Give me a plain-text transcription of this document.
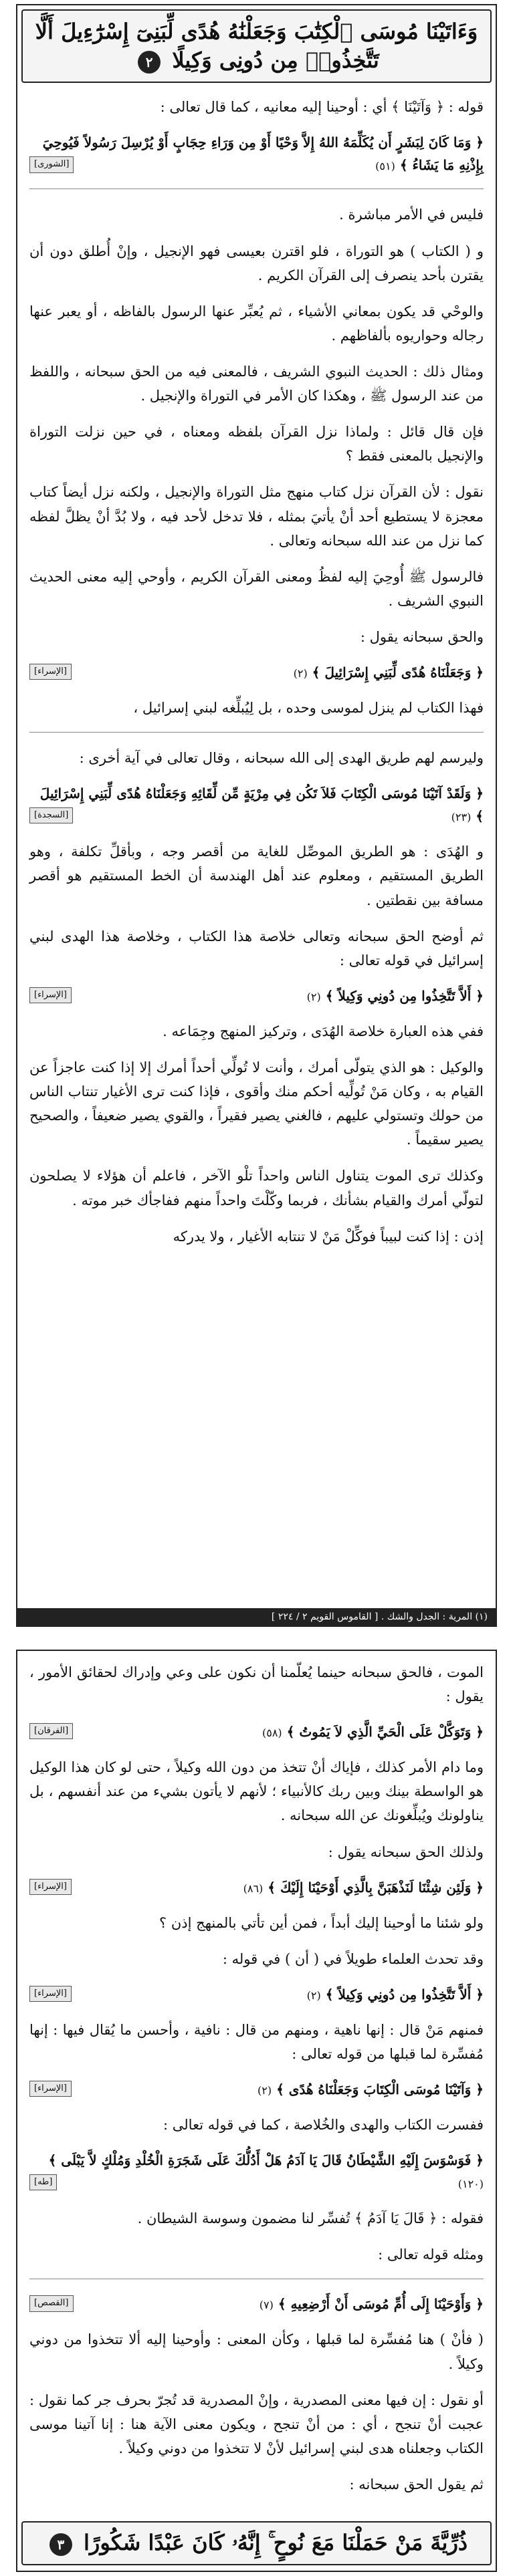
وَءَاتَيْنَا مُوسَى ٱلْكِتَٰبَ وَجَعَلْنَٰهُ هُدًى لِّبَنِىٓ إِسْرَٰٓءِيلَ أَلَّا تَتَّخِذُوا۟ مِن دُونِى وَكِيلًا ٢

قوله : ﴿ وَآتَيْنَا ﴾ أي : أوحينا إليه معانيه ، كما قال تعالى :

﴿ وَمَا كَانَ لِبَشَرٍ أَن يُكَلِّمَهُ اللهُ إِلاَّ وَحْيًا أَوْ مِن وَرَاءِ حِجَابٍ أَوْ يُرْسِلَ رَسُولاً فَيُوحِيَ بِإِذْنِهِ مَا يَشَاءُ ﴾ (٥١)
[الشورى]

فليس في الأمر مباشرة .

و ( الكتاب ) هو التوراة ، فلو اقترن بعيسى فهو الإنجيل ، وإنْ أُطلق دون أن يقترن بأحد ينصرف إلى القرآن الكريم .

والوحْي قد يكون بمعاني الأشياء ، ثم يُعبِّر عنها الرسول بالفاظه ، أو يعبر عنها رجاله وحواريوه بألفاظهم .

ومثال ذلك : الحديث النبوي الشريف ، فالمعنى فيه من الحق سبحانه ، واللفظ من عند الرسول ﷺ ، وهكذا كان الأمر في التوراة والإنجيل .

فإن قال قائل : ولماذا نزل القرآن بلفظه ومعناه ، في حين نزلت التوراة والإنجيل بالمعنى فقط ؟

نقول : لأن القرآن نزل كتاب منهج مثل التوراة والإنجيل ، ولكنه نزل أيضاً كتاب معجزة لا يستطيع أحد أنْ يأتيَ بمثله ، فلا تدخل لأحد فيه ، ولا بُدَّ أنْ يظلَّ لفظه كما نزل من عند الله سبحانه وتعالى .

فالرسول ﷺ أُوحِيَ إليه لفظُ ومعنى القرآن الكريم ، وأوحي إليه معنى الحديث النبوي الشريف .

والحق سبحانه يقول :

﴿ وَجَعَلْنَاهُ هُدًى لِّبَنِي إِسْرَائِيلَ ﴾ (٢)
[الإسراء]

فهذا الكتاب لم ينزل لموسى وحده ، بل لِيُبلِّغه لبني إسرائيل ،

وليرسم لهم طريق الهدى إلى الله سبحانه ، وقال تعالى في آية أخرى :

﴿ وَلَقَدْ آتَيْنَا مُوسَى الْكِتَابَ فَلاَ تَكُن فِي مِرْيَةٍ مِّن لِّقَائِهِ وَجَعَلْنَاهُ هُدًى لِّبَنِي إِسْرَائِيلَ ﴾ (٢٣)
[السجدة]

و الهُدَى : هو الطريق الموصِّل للغاية من أقصر وجه ، وبأقلِّ تكلفة ، وهو الطريق المستقيم ، ومعلوم عند أهل الهندسة أن الخط المستقيم هو أقصر مسافة بين نقطتين .

ثم أوضح الحق سبحانه وتعالى خلاصة هذا الكتاب ، وخلاصة هذا الهدى لبني إسرائيل في قوله تعالى :

﴿ أَلاَّ تَتَّخِذُوا مِن دُونِي وَكِيلاً ﴾ (٢)
[الإسراء]

ففي هذه العبارة خلاصة الهُدَى ، وتركيز المنهج وجِمَاعه .

والوكيل : هو الذي يتولّى أمرك ، وأنت لا تُولِّي أحداً أمرك إلا إذا كنت عاجزاً عن القيام به ، وكان مَنْ تُولِّيه أحكم منك وأقوى ، فإذا كنت ترى الأغيار تنتاب الناس من حولك وتستولي عليهم ، فالغني يصير فقيراً ، والقوي يصير ضعيفاً ، والصحيح يصير سقيماً .

وكذلك ترى الموت يتناول الناس واحداً تلْو الآخر ، فاعلم أن هؤلاء لا يصلحون لتولّي أمرك والقيام بشأنك ، فربما وكّلْتَ واحداً منهم ففاجأك خبر موته .

إذن : إذا كنت لبيباً فوكِّلْ مَنْ لا تنتابه الأغيار ، ولا يدركه

(١) المرية : الجدل والشك . [ القاموس القويم ٢ / ٢٢٤ ]

الموت ، فالحق سبحانه حينما يُعلّمنا أن نكون على وعي وإدراك لحقائق الأمور ، يقول :

﴿ وَتَوَكَّلْ عَلَى الْحَيِّ الَّذِي لاَ يَمُوتُ ﴾ (٥٨)
[الفرقان]

وما دام الأمر كذلك ، فإياك أنْ تتخذ من دون الله وكيلاً ، حتى لو كان هذا الوكيل هو الواسطة بينك وبين ربك كالأنبياء ؛ لأنهم لا يأتون بشيء من عند أنفسهم ، بل يناولونك ويُبلِّغونك عن الله سبحانه .

ولذلك الحق سبحانه يقول :

﴿ وَلَئِن شِئْنَا لَنَذْهَبَنَّ بِالَّذِي أَوْحَيْنَا إِلَيْكَ ﴾ (٨٦)
[الإسراء]

ولو شئنا ما أوحينا إليك أبداً ، فمن أين تأتي بالمنهج إذن ؟

وقد تحدث العلماء طويلاً في ( أن ) في قوله :

﴿ أَلاَّ تَتَّخِذُوا مِن دُونِي وَكِيلاً ﴾ (٢)
[الإسراء]

فمنهم مَنْ قال : إنها ناهية ، ومنهم من قال : نافية ، وأحسن ما يُقال فيها : إنها مُفسِّرة لما قبلها من قوله تعالى :

﴿ وَآتَيْنَا مُوسَى الْكِتَابَ وَجَعَلْنَاهُ هُدًى ﴾ (٢)
[الإسراء]

ففسرت الكتاب والهدى والخُلاصة ، كما في قوله تعالى :

﴿ فَوَسْوَسَ إِلَيْهِ الشَّيْطَانُ قَالَ يَا آدَمُ هَلْ أَدُلُّكَ عَلَى شَجَرَةِ الْخُلْدِ وَمُلْكٍ لاَّ يَبْلَى ﴾ (١٢٠)
[طه]

فقوله : ﴿ قَالَ يَا آدَمُ ﴾ تُفسِّر لنا مضمون وسوسة الشيطان .

ومثله قوله تعالى :

﴿ وَأَوْحَيْنَا إِلَى أُمِّ مُوسَى أَنْ أَرْضِعِيهِ ﴾ (٧)
[القصص]

( فأنْ ) هنا مُفسِّرة لما قبلها ، وكأن المعنى : وأوحينا إليه ألا تتخذوا من دوني وكيلاً .

أو نقول : إن فيها معنى المصدرية ، وإنْ المصدرية قد تُجرّ بحرف جر كما نقول : عجبت أنْ تنجح ، أي : من أنْ تنجح ، ويكون معنى الآية هنا : إنا آتينا موسى الكتاب وجعلناه هدى لبني إسرائيل لأنْ لا تتخذوا من دوني وكيلاً .

ثم يقول الحق سبحانه :

ذُرِّيَّةَ مَنْ حَمَلْنَا مَعَ نُوحٍ ۚ إِنَّهُۥ كَانَ عَبْدًا شَكُورًا ٣
